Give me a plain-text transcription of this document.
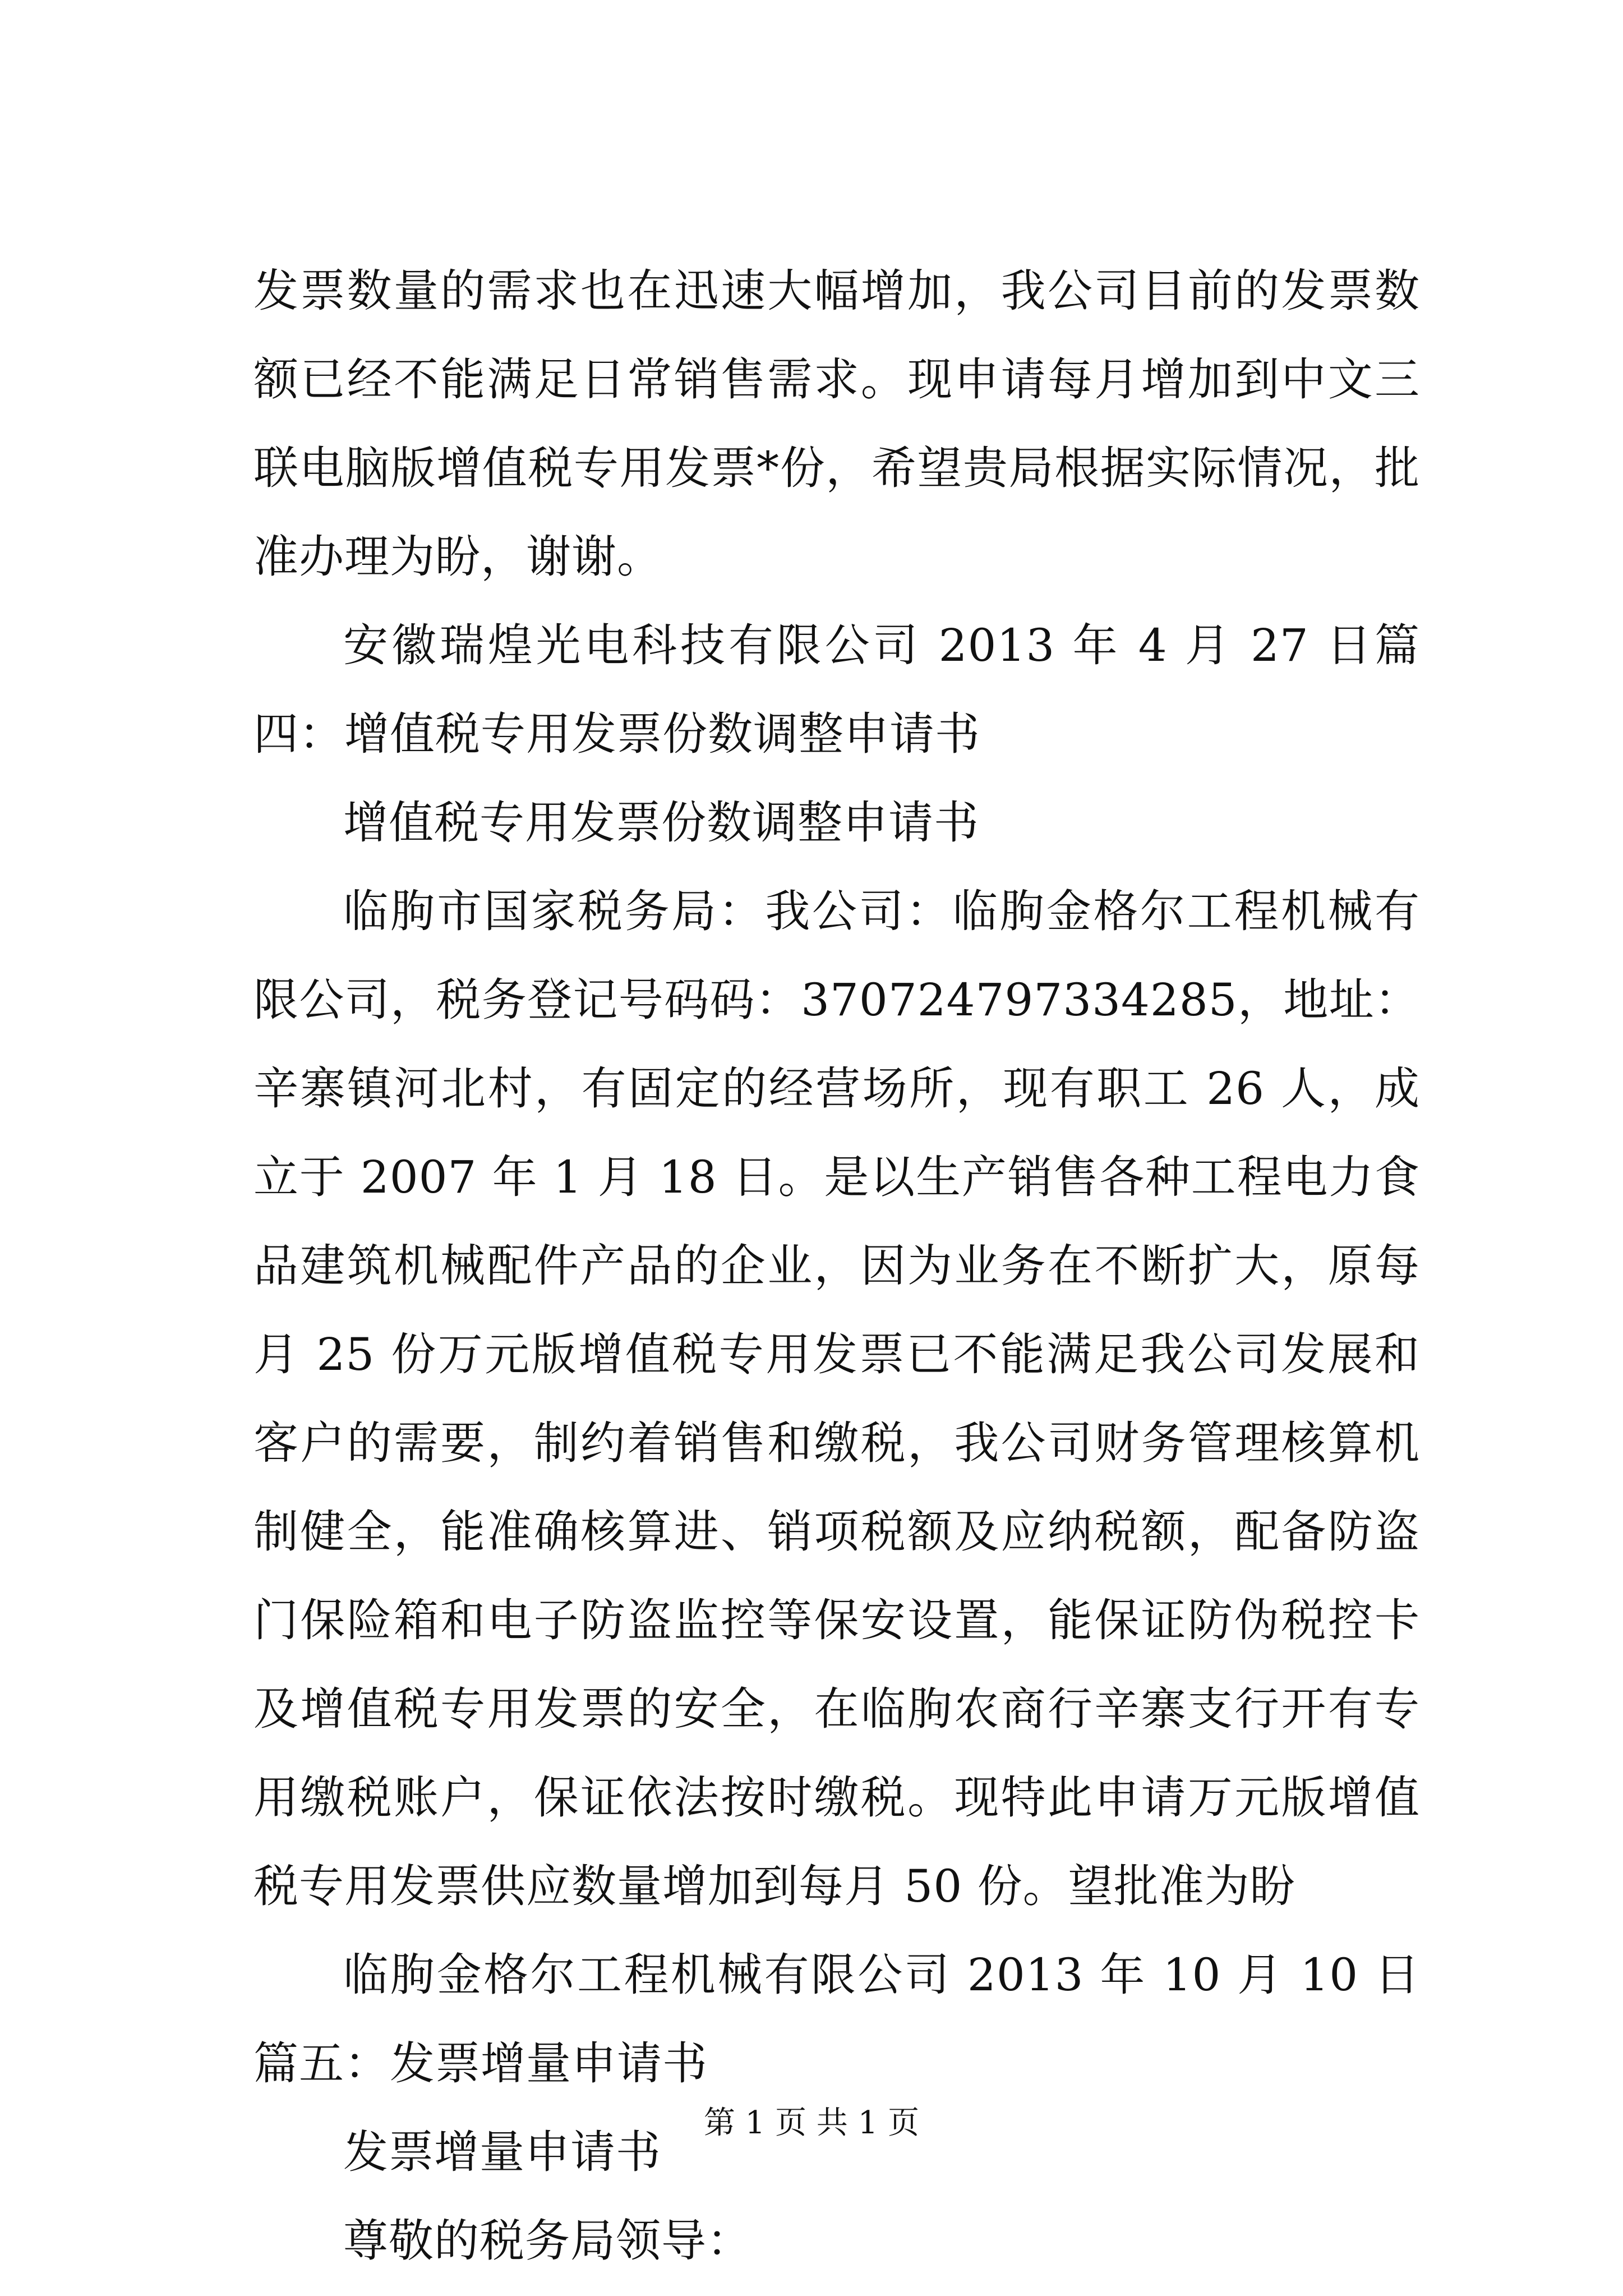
发票数量的需求也在迅速大幅增加，我公司目前的发票数额已经不能满足日常销售需求。现申请每月增加到中文三联电脑版增值税专用发票*份，希望贵局根据实际情况，批准办理为盼，谢谢。

安徽瑞煌光电科技有限公司 2013 年 4 月 27 日篇四：增值税专用发票份数调整申请书

增值税专用发票份数调整申请书

临朐市国家税务局：我公司：临朐金格尔工程机械有限公司，税务登记号码码：370724797334285，地址：辛寨镇河北村，有固定的经营场所，现有职工 26 人，成立于 2007 年 1 月 18 日。是以生产销售各种工程电力食品建筑机械配件产品的企业，因为业务在不断扩大，原每月 25 份万元版增值税专用发票已不能满足我公司发展和客户的需要，制约着销售和缴税，我公司财务管理核算机制健全，能准确核算进、销项税额及应纳税额，配备防盗门保险箱和电子防盗监控等保安设置，能保证防伪税控卡及增值税专用发票的安全，在临朐农商行辛寨支行开有专用缴税账户，保证依法按时缴税。现特此申请万元版增值税专用发票供应数量增加到每月 50 份。望批准为盼

临朐金格尔工程机械有限公司 2013 年 10 月 10 日篇五：发票增量申请书

发票增量申请书

尊敬的税务局领导：

第 1 页 共 1 页
